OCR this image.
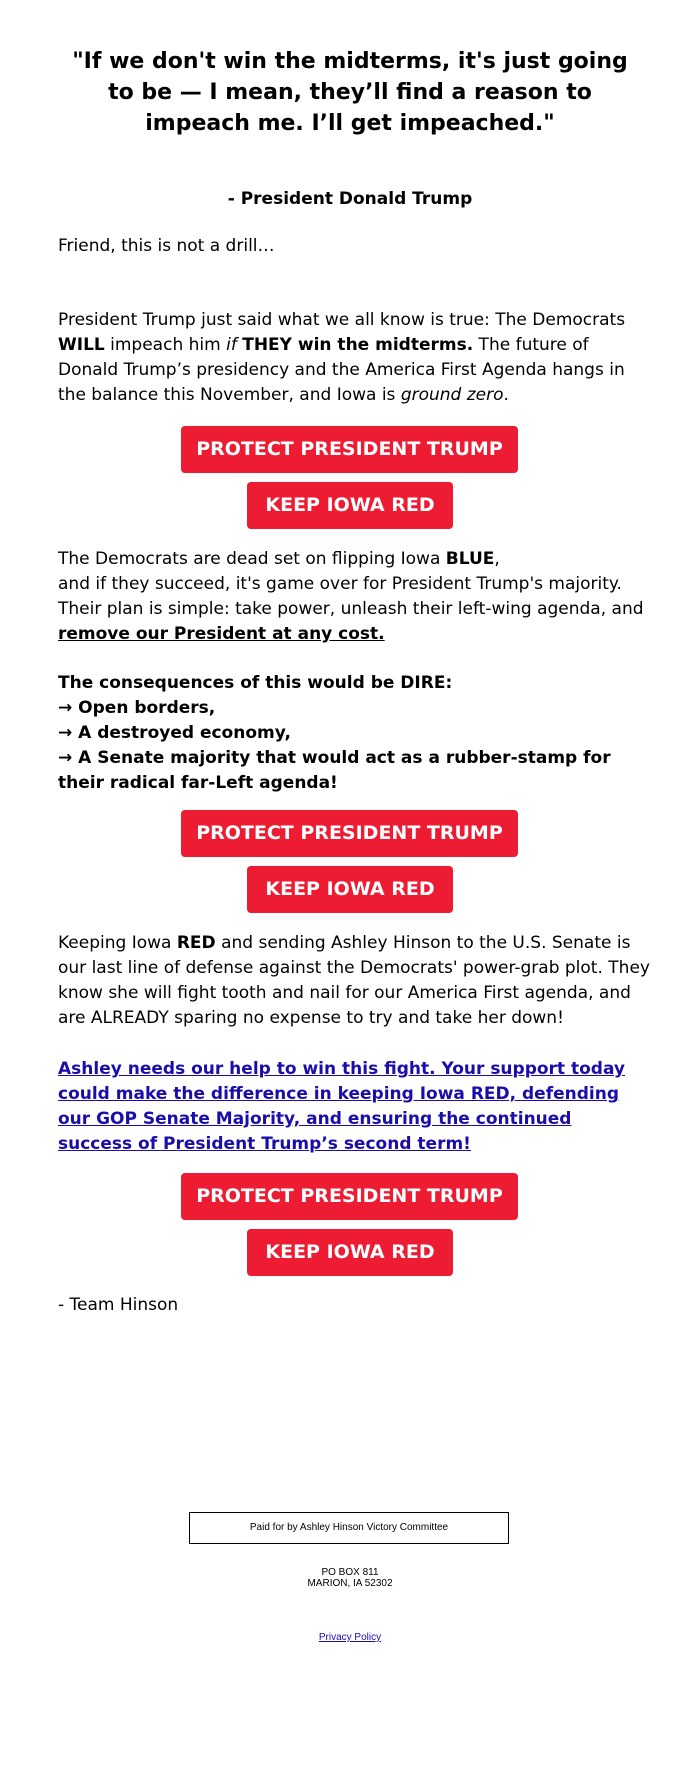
"If we don't win the midterms, it's just going to be — I mean, they’ll find a reason to impeach me. I’ll get impeached."
- President Donald Trump
Friend, this is not a drill…
President Trump just said what we all know is true: The Democrats WILL impeach him if THEY win the midterms. The future of Donald Trump’s presidency and the America First Agenda hangs in the balance this November, and Iowa is ground zero.
PROTECT PRESIDENT TRUMP
KEEP IOWA RED
The Democrats are dead set on flipping Iowa BLUE,
and if they succeed, it's game over for President Trump's majority. Their plan is simple: take power, unleash their left-wing agenda, and remove our President at any cost.
The consequences of this would be DIRE:
→ Open borders,
→ A destroyed economy,
→ A Senate majority that would act as a rubber-stamp for their radical far-Left agenda!
PROTECT PRESIDENT TRUMP
KEEP IOWA RED
Keeping Iowa RED and sending Ashley Hinson to the U.S. Senate is our last line of defense against the Democrats' power-grab plot. They know she will fight tooth and nail for our America First agenda, and are ALREADY sparing no expense to try and take her down!
Ashley needs our help to win this fight. Your support today could make the difference in keeping Iowa RED, defending our GOP Senate Majority, and ensuring the continued success of President Trump’s second term!
PROTECT PRESIDENT TRUMP
KEEP IOWA RED
- Team Hinson
Paid for by Ashley Hinson Victory Committee
PO BOX 811
MARION, IA 52302
Privacy Policy
